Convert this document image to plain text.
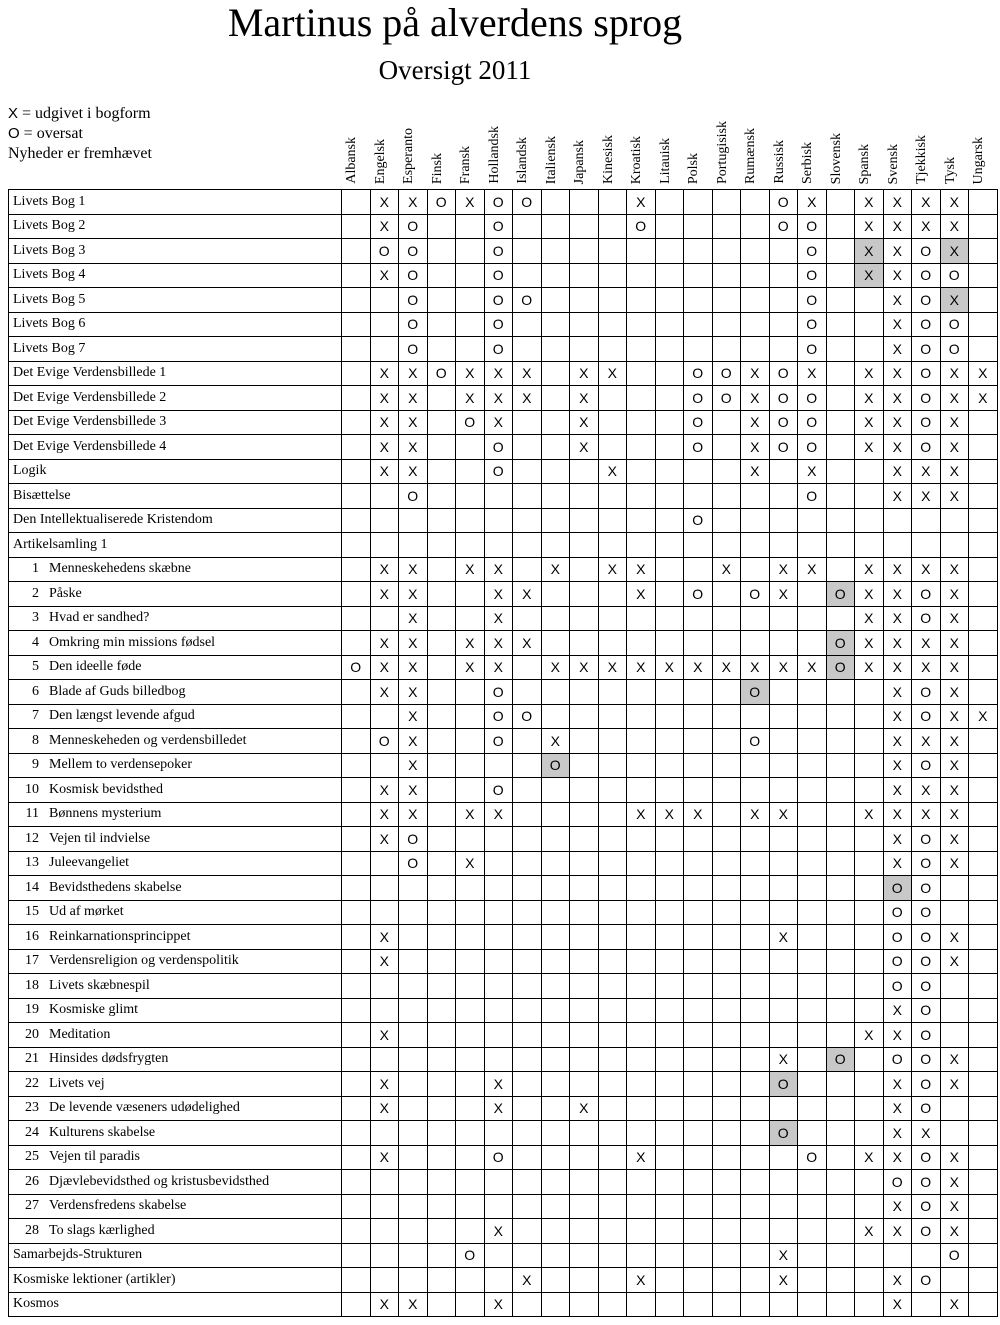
Martinus på alverdens sprog
Oversigt 2011
X = udgivet i bogform
O = oversat
Nyheder er fremhævet	Albansk Engelsk Esperanto Finsk Fransk Hollandsk Islandsk Italiensk Japansk Kinesisk Kroatisk Litauisk Polsk Portugisisk Rumænsk Russisk Serbisk Slovensk Spansk Svensk Tjekkisk Tysk Ungarsk
Livets Bog 1		X	X	O	X	O	O				X					O	X		X	X	X	X	
Livets Bog 2		X	O			O					O					O	O		X	X	X	X	
Livets Bog 3		O	O			O											O		X	X	O	X	
Livets Bog 4		X	O			O											O		X	X	O	O	
Livets Bog 5			O			O	O										O			X	O	X	
Livets Bog 6			O			O											O			X	O	O	
Livets Bog 7			O			O											O			X	O	O	
Det Evige Verdensbillede 1		X	X	O	X	X	X		X	X			O	O	X	O	X		X	X	O	X	X
Det Evige Verdensbillede 2		X	X		X	X	X		X				O	O	X	O	O		X	X	O	X	X
Det Evige Verdensbillede 3		X	X		O	X			X				O		X	O	O		X	X	O	X	
Det Evige Verdensbillede 4		X	X			O			X				O		X	O	O		X	X	O	X	
Logik		X	X			O				X					X		X			X	X	X	
Bisættelse			O														O			X	X	X	
Den Intellektualiserede Kristendom													O										
Artikelsamling 1																							
1 Menneskehedens skæbne		X	X		X	X		X		X	X			X		X	X		X	X	X	X	
2 Påske		X	X			X	X				X		O		O	X		O	X	X	O	X	
3 Hvad er sandhed?			X			X													X	X	O	X	
4 Omkring min missions fødsel		X	X		X	X	X											O	X	X	X	X	
5 Den ideelle føde	O	X	X		X	X		X	X	X	X	X	X	X	X	X	X	O	X	X	X	X	
6 Blade af Guds billedbog		X	X			O									O					X	O	X	
7 Den længst levende afgud			X			O	O													X	O	X	X
8 Menneskeheden og verdensbilledet		O	X			O		X							O					X	X	X	
9 Mellem to verdensepoker			X					O												X	O	X	
10 Kosmisk bevidsthed		X	X			O														X	X	X	
11 Bønnens mysterium		X	X		X	X					X	X	X		X	X			X	X	X	X	
12 Vejen til indvielse		X	O																	X	O	X	
13 Juleevangeliet			O		X															X	O	X	
14 Bevidsthedens skabelse																				O	O		
15 Ud af mørket																				O	O		
16 Reinkarnationsprincippet		X														X				O	O	X	
17 Verdensreligion og verdenspolitik		X																		O	O	X	
18 Livets skæbnespil																				O	O		
19 Kosmiske glimt																				X	O		
20 Meditation		X																	X	X	O		
21 Hinsides dødsfrygten																X		O		O	O	X	
22 Livets vej		X				X										O				X	O	X	
23 De levende væseners udødelighed		X				X			X											X	O		
24 Kulturens skabelse																O				X	X		
25 Vejen til paradis		X				O					X						O		X	X	O	X	
26 Djævlebevidsthed og kristusbevidsthed																				O	O	X	
27 Verdensfredens skabelse																				X	O	X	
28 To slags kærlighed						X													X	X	O	X	
Samarbejds-Strukturen					O											X						O	
Kosmiske lektioner (artikler)							X				X					X				X	O		
Kosmos		X	X			X														X		X	
